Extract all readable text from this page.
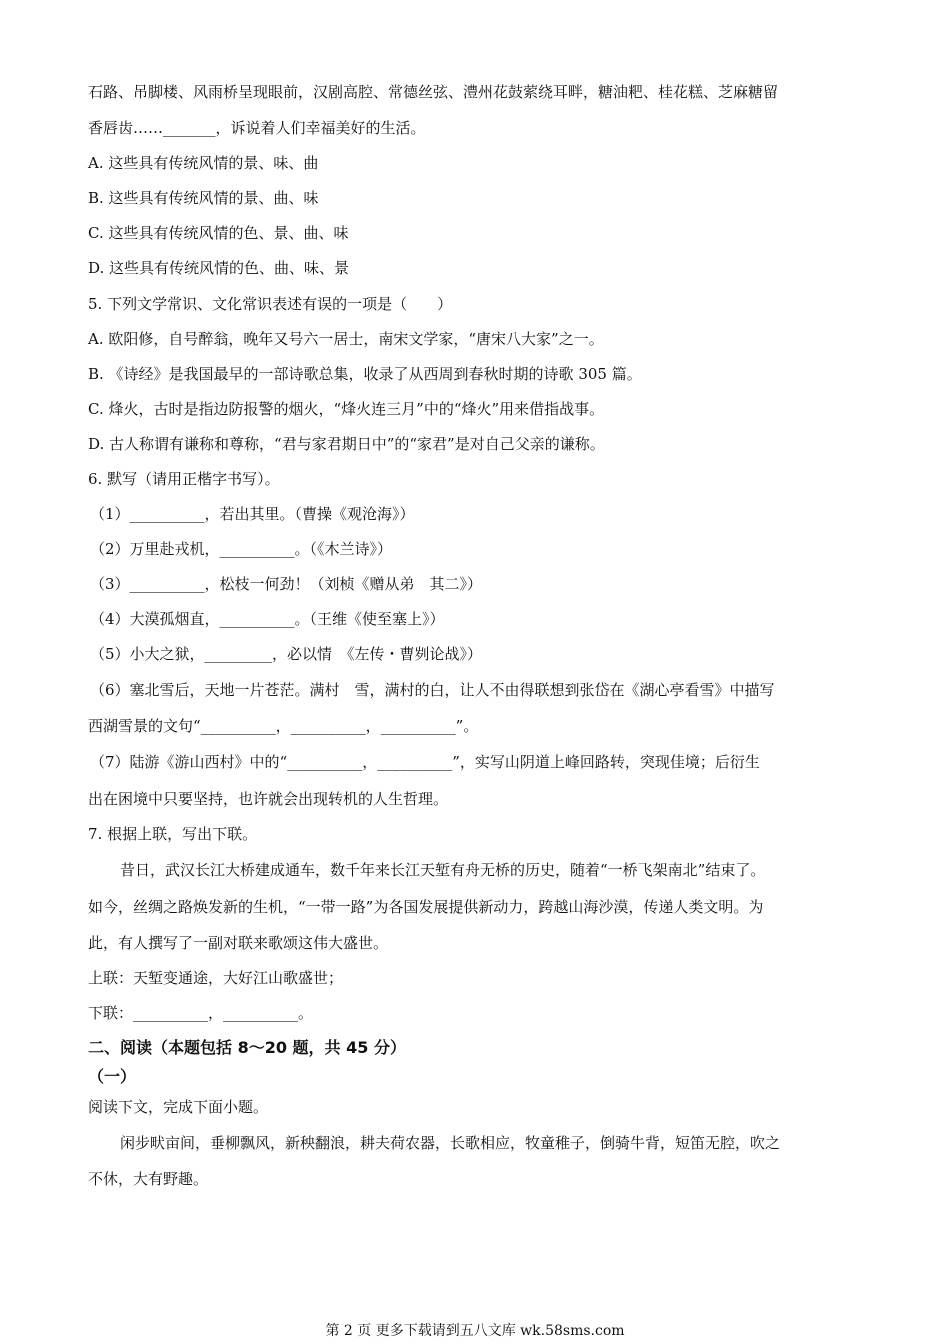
石路、吊脚楼、风雨桥呈现眼前，汉剧高腔、常德丝弦、澧州花鼓萦绕耳畔，糖油粑、桂花糕、芝麻糖留
香唇齿……_______，诉说着人们幸福美好的生活。
A. 这些具有传统风情的景、味、曲
B. 这些具有传统风情的景、曲、味
C. 这些具有传统风情的色、景、曲、味
D. 这些具有传统风情的色、曲、味、景
5. 下列文学常识、文化常识表述有误的一项是（　　）
A. 欧阳修，自号醉翁，晚年又号六一居士，南宋文学家，“唐宋八大家”之一。
B. 《诗经》是我国最早的一部诗歌总集，收录了从西周到春秋时期的诗歌 305 篇。
C. 烽火，古时是指边防报警的烟火，“烽火连三月”中的“烽火”用来借指战事。
D. 古人称谓有谦称和尊称，“君与家君期日中”的“家君”是对自己父亲的谦称。
6. 默写（请用正楷字书写）。
（1）__________，若出其里。（曹操《观沧海》）
（2）万里赴戎机，__________。（《木兰诗》）
（3）__________，松枝一何劲！（刘桢《赠从弟　其二》）
（4）大漠孤烟直，__________。（王维《使至塞上》）
（5）小大之狱，_________，必以情　《左传・曹刿论战》）
（6）塞北雪后，天地一片苍茫。满村　雪，满村的白，让人不由得联想到张岱在《湖心亭看雪》中描写
西湖雪景的文句“__________，__________，__________”。
（7）陆游《游山西村》中的“__________，__________”，实写山阴道上峰回路转，突现佳境；后衍生
出在困境中只要坚持，也许就会出现转机的人生哲理。
7. 根据上联，写出下联。
昔日，武汉长江大桥建成通车，数千年来长江天堑有舟无桥的历史，随着“一桥飞架南北”结束了。
如今，丝绸之路焕发新的生机，“一带一路”为各国发展提供新动力，跨越山海沙漠，传递人类文明。为
此，有人撰写了一副对联来歌颂这伟大盛世。
上联：天堑变通途，大好江山歌盛世；
下联：__________，__________。
二、阅读（本题包括 8～20 题，共 45 分）
（一）
阅读下文，完成下面小题。
闲步畎亩间，垂柳飘风，新秧翻浪，耕夫荷农器，长歌相应，牧童稚子，倒骑牛背，短笛无腔，吹之
不休，大有野趣。
第 2 页 更多下载请到五八文库 wk.58sms.com
